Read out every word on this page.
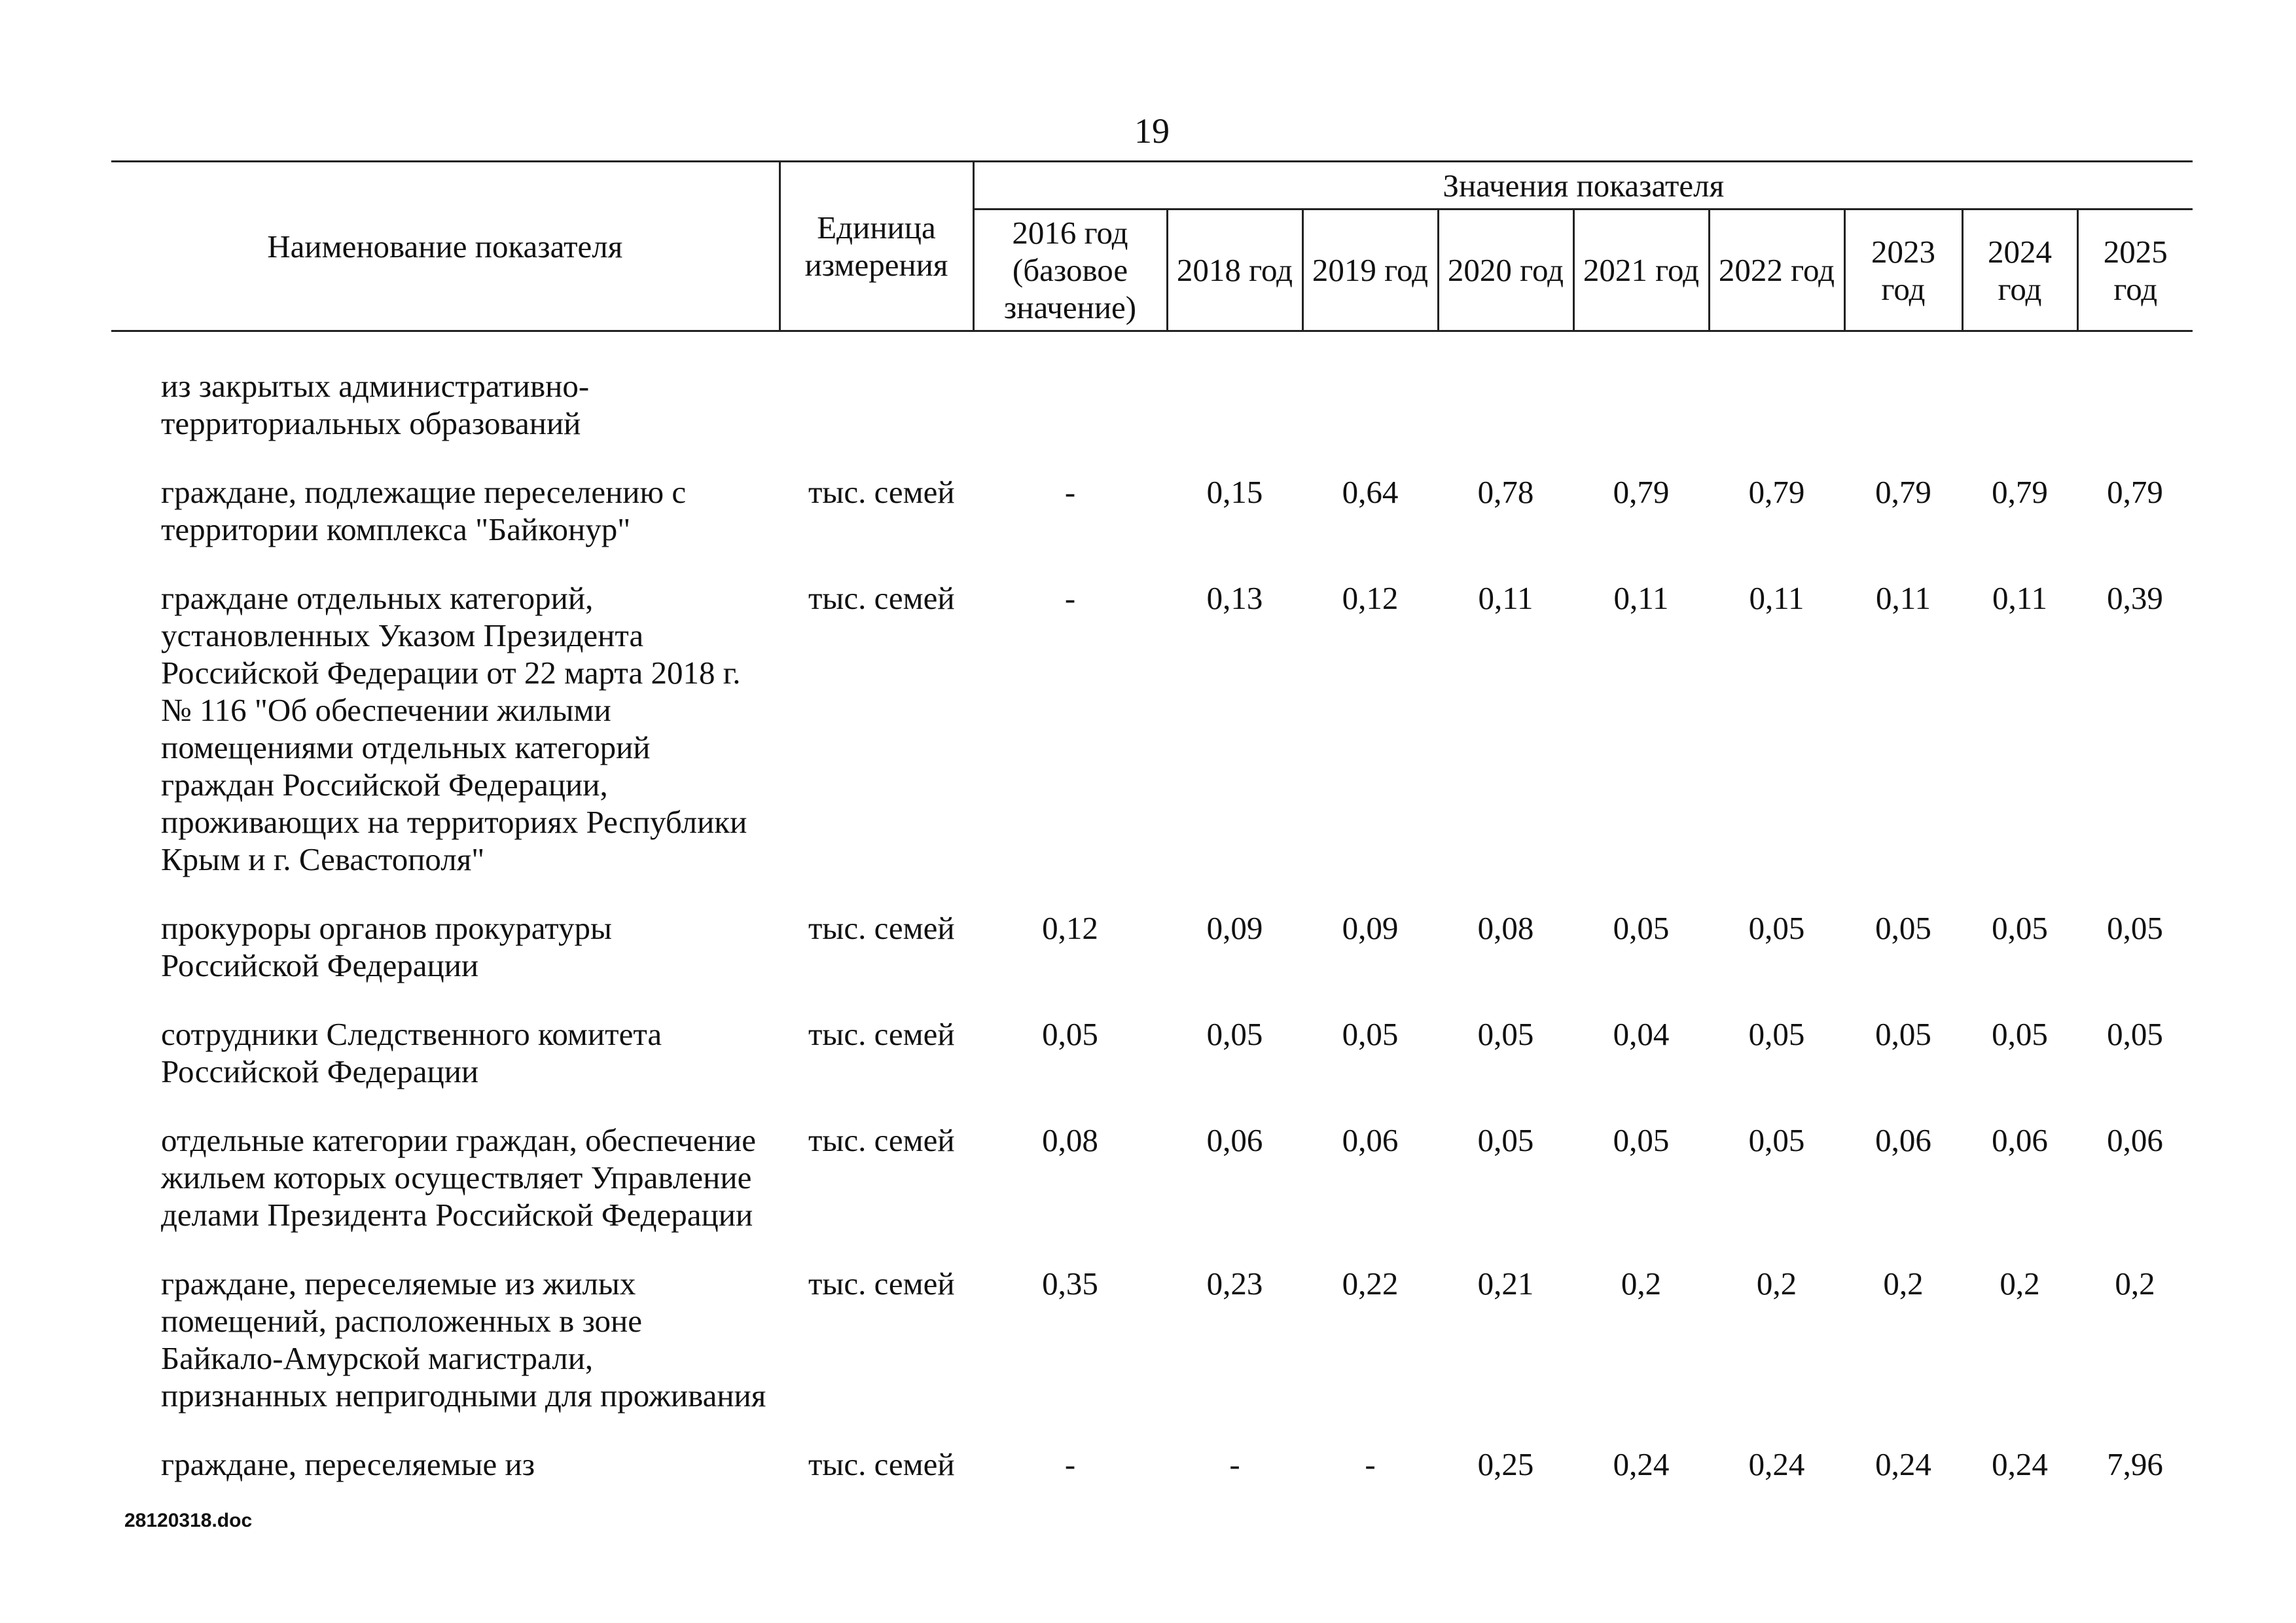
19
Наименование показателя	Единица измерения	Значения показателя								
		2016 год (базовое значение)	2018 год	2019 год	2020 год	2021 год	2022 год	2023 год	2024 год	2025 год

из закрытых административно-территориальных образований										
граждане, подлежащие переселению с территории комплекса "Байконур"	тыс. семей	-	0,15	0,64	0,78	0,79	0,79	0,79	0,79	0,79
граждане отдельных категорий, установленных Указом Президента Российской Федерации от 22 марта 2018 г. № 116 "Об обеспечении жилыми помещениями отдельных категорий граждан Российской Федерации, проживающих на территориях Республики Крым и г. Севастополя"	тыс. семей	-	0,13	0,12	0,11	0,11	0,11	0,11	0,11	0,39
прокуроры органов прокуратуры Российской Федерации	тыс. семей	0,12	0,09	0,09	0,08	0,05	0,05	0,05	0,05	0,05
сотрудники Следственного комитета Российской Федерации	тыс. семей	0,05	0,05	0,05	0,05	0,04	0,05	0,05	0,05	0,05
отдельные категории граждан, обеспечение жильем которых осуществляет Управление делами Президента Российской Федерации	тыс. семей	0,08	0,06	0,06	0,05	0,05	0,05	0,06	0,06	0,06
граждане, переселяемые из жилых помещений, расположенных в зоне Байкало-Амурской магистрали, признанных непригодными для проживания	тыс. семей	0,35	0,23	0,22	0,21	0,2	0,2	0,2	0,2	0,2
граждане, переселяемые из	тыс. семей	-	-	-	0,25	0,24	0,24	0,24	0,24	7,96
28120318.doc
